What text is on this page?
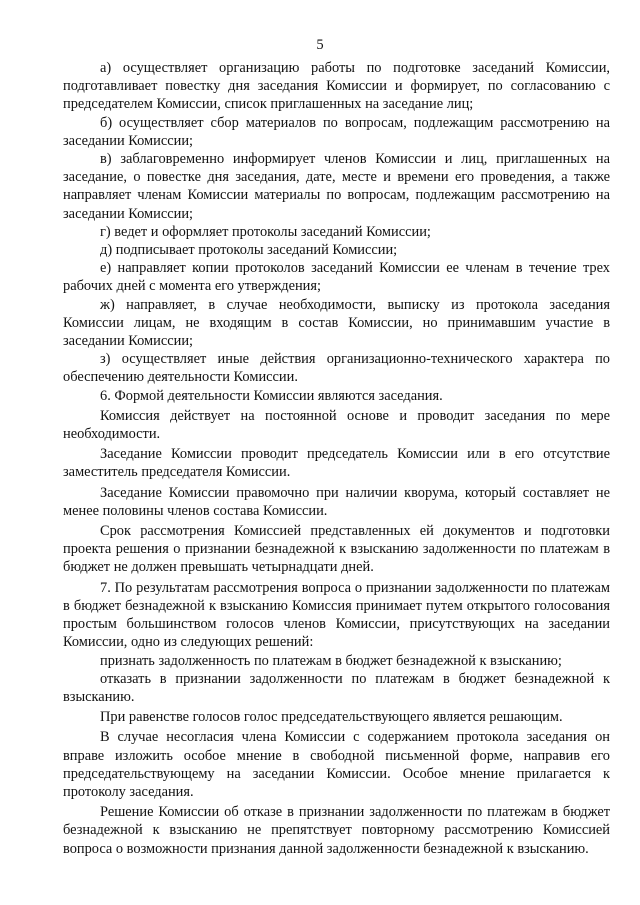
5

а) осуществляет организацию работы по подготовке заседаний Комиссии, подготавливает повестку дня заседания Комиссии и формирует, по согласованию с председателем Комиссии, список приглашенных на заседание лиц;

б) осуществляет сбор материалов по вопросам, подлежащим рассмотрению на заседании Комиссии;

в) заблаговременно информирует членов Комиссии и лиц, приглашенных на заседание, о повестке дня заседания, дате, месте и времени его проведения, а также направляет членам Комиссии материалы по вопросам, подлежащим рассмотрению на заседании Комиссии;

г) ведет и оформляет протоколы заседаний Комиссии;

д) подписывает протоколы заседаний Комиссии;

е) направляет копии протоколов заседаний Комиссии ее членам в течение трех рабочих дней с момента его утверждения;

ж) направляет, в случае необходимости, выписку из протокола заседания Комиссии лицам, не входящим в состав Комиссии, но принимавшим участие в заседании Комиссии;

з) осуществляет иные действия организационно-технического характера по обеспечению деятельности Комиссии.

6. Формой деятельности Комиссии являются заседания.

Комиссия действует на постоянной основе и проводит заседания по мере необходимости.

Заседание Комиссии проводит председатель Комиссии или в его отсутствие заместитель председателя Комиссии.

Заседание Комиссии правомочно при наличии кворума, который составляет не менее половины членов состава Комиссии.

Срок рассмотрения Комиссией представленных ей документов и подготовки проекта решения о признании безнадежной к взысканию задолженности по платежам в бюджет не должен превышать четырнадцати дней.

7. По результатам рассмотрения вопроса о признании задолженности по платежам в бюджет безнадежной к взысканию Комиссия принимает путем открытого голосования простым большинством голосов членов Комиссии, присутствующих на заседании Комиссии, одно из следующих решений:

признать задолженность по платежам в бюджет безнадежной к взысканию;

отказать в признании задолженности по платежам в бюджет безнадежной к взысканию.

При равенстве голосов голос председательствующего является решающим.

В случае несогласия члена Комиссии с содержанием протокола заседания он вправе изложить особое мнение в свободной письменной форме, направив его председательствующему на заседании Комиссии. Особое мнение прилагается к протоколу заседания.

Решение Комиссии об отказе в признании задолженности по платежам в бюджет безнадежной к взысканию не препятствует повторному рассмотрению Комиссией вопроса о возможности признания данной задолженности безнадежной к взысканию.
